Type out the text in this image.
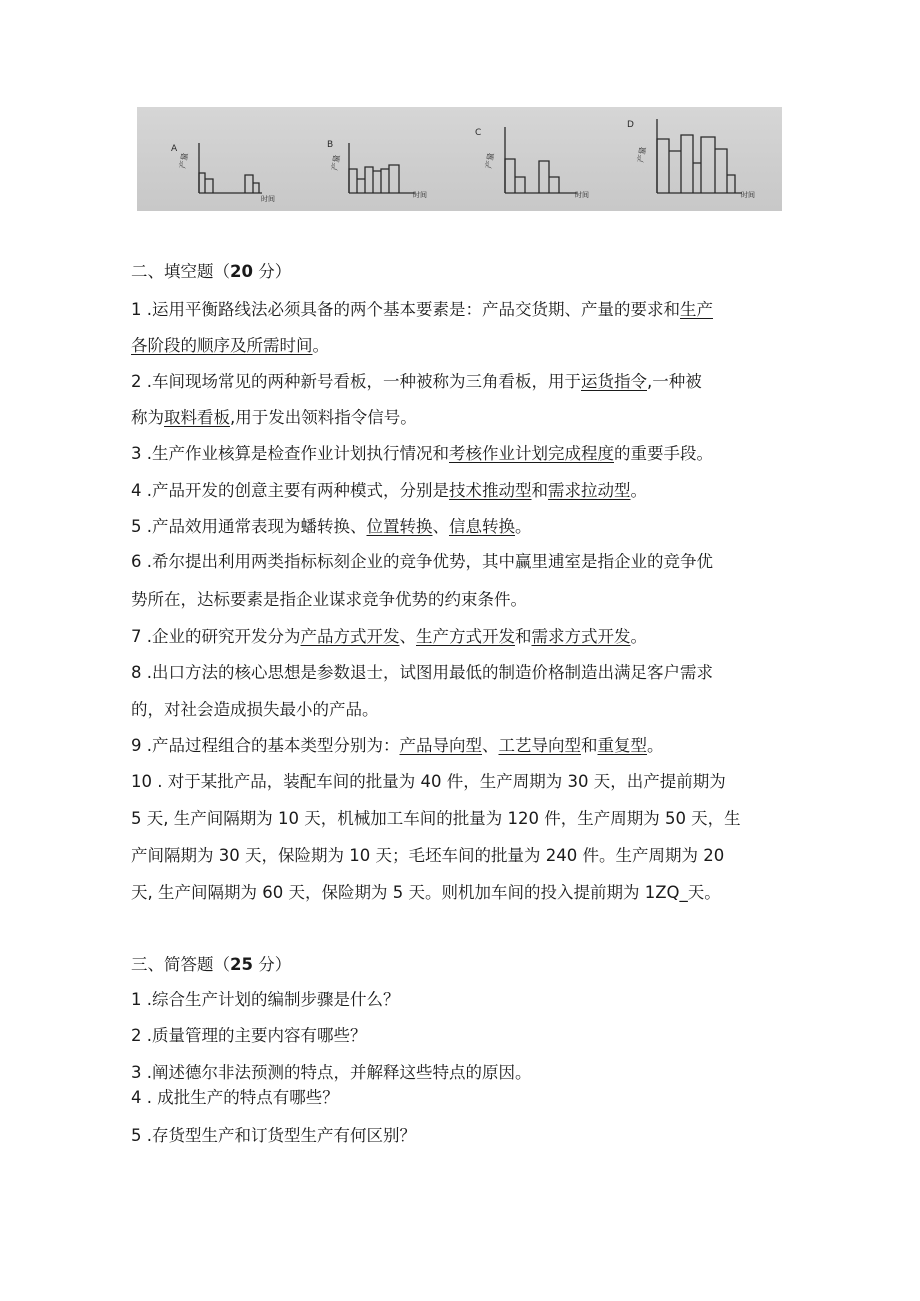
A
产量
时间
B
产量
时间
C
产量
时间
D
产量
时间
二、填空题（20 分）
1 .运用平衡路线法必须具备的两个基本要素是：产品交货期、产量的要求和生产
各阶段的顺序及所需时间。
2 .车间现场常见的两种新号看板，一种被称为三角看板，用于运货指令,一种被
称为取料看板,用于发出领料指令信号。
3 .生产作业核算是检查作业计划执行情况和考核作业计划完成程度的重要手段。
4 .产品开发的创意主要有两种模式，分别是技术推动型和需求拉动型。
5 .产品效用通常表现为蟠转换、位置转换、信息转换。
6 .希尔提出利用两类指标标刻企业的竞争优势，其中赢里逋室是指企业的竞争优
势所在，达标要素是指企业谋求竞争优势的约束条件。
7 .企业的研究开发分为产品方式开发、生产方式开发和需求方式开发。
8 .出口方法的核心思想是参数退士，试图用最低的制造价格制造出满足客户需求
的，对社会造成损失最小的产品。
9 .产品过程组合的基本类型分别为：产品导向型、工艺导向型和重复型。
10 . 对于某批产品，装配车间的批量为 40 件，生产周期为 30 天，出产提前期为
5 天, 生产间隔期为 10 天，机械加工车间的批量为 120 件，生产周期为 50 天，生
产间隔期为 30 天，保险期为 10 天；毛坯车间的批量为 240 件。生产周期为 20
天, 生产间隔期为 60 天，保险期为 5 天。则机加车间的投入提前期为 1ZQ_天。
三、简答题（25 分）
1 .综合生产计划的编制步骤是什么？
2 .质量管理的主要内容有哪些？
3 .阐述德尔非法预测的特点，并解释这些特点的原因。
4 . 成批生产的特点有哪些？
5 .存货型生产和订货型生产有何区别？
